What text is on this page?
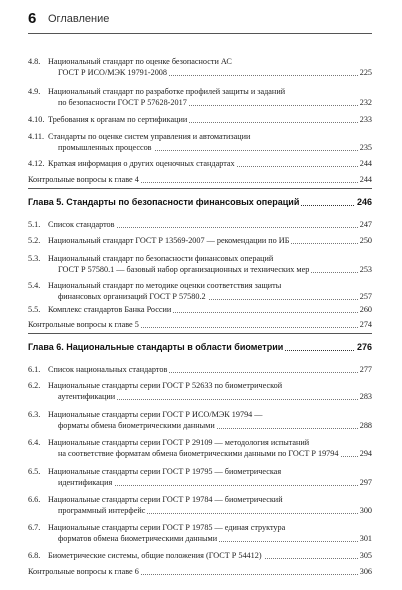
6 Оглавление
4.8. Национальный стандарт по оценке безопасности АС
ГОСТ Р ИСО/МЭК 19791-2008	225
4.9. Национальный стандарт по разработке профилей защиты и заданий
по безопасности ГОСТ Р 57628-2017	232
4.10. Требования к органам по сертификации	233
4.11. Стандарты по оценке систем управления и автоматизации
промышленных процессов	235
4.12. Краткая информация о других оценочных стандартах	244
Контрольные вопросы к главе 4	244
Глава 5. Стандарты по безопасности финансовых операций	246
5.1. Список стандартов	247
5.2. Национальный стандарт ГОСТ Р 13569-2007 — рекомендации по ИБ	250
5.3. Национальный стандарт по безопасности финансовых операций
ГОСТ Р 57580.1 — базовый набор организационных и технических мер	253
5.4. Национальный стандарт по методике оценки соответствия защиты
финансовых организаций ГОСТ Р 57580.2	257
5.5. Комплекс стандартов Банка России	260
Контрольные вопросы к главе 5	274
Глава 6. Национальные стандарты в области биометрии	276
6.1. Список национальных стандартов	277
6.2. Национальные стандарты серии ГОСТ Р 52633 по биометрической
аутентификации	283
6.3. Национальные стандарты серии ГОСТ Р ИСО/МЭК 19794 —
форматы обмена биометрическими данными	288
6.4. Национальные стандарты серии ГОСТ Р 29109 — методология испытаний
на соответствие форматам обмена биометрическими данными по ГОСТ Р 19794	294
6.5. Национальные стандарты серии ГОСТ Р 19795 — биометрическая
идентификация	297
6.6. Национальные стандарты серии ГОСТ Р 19784 — биометрический
программный интерфейс	300
6.7. Национальные стандарты серии ГОСТ Р 19785 — единая структура
форматов обмена биометрическими данными	301
6.8. Биометрические системы, общие положения (ГОСТ Р 54412)	305
Контрольные вопросы к главе 6	306
